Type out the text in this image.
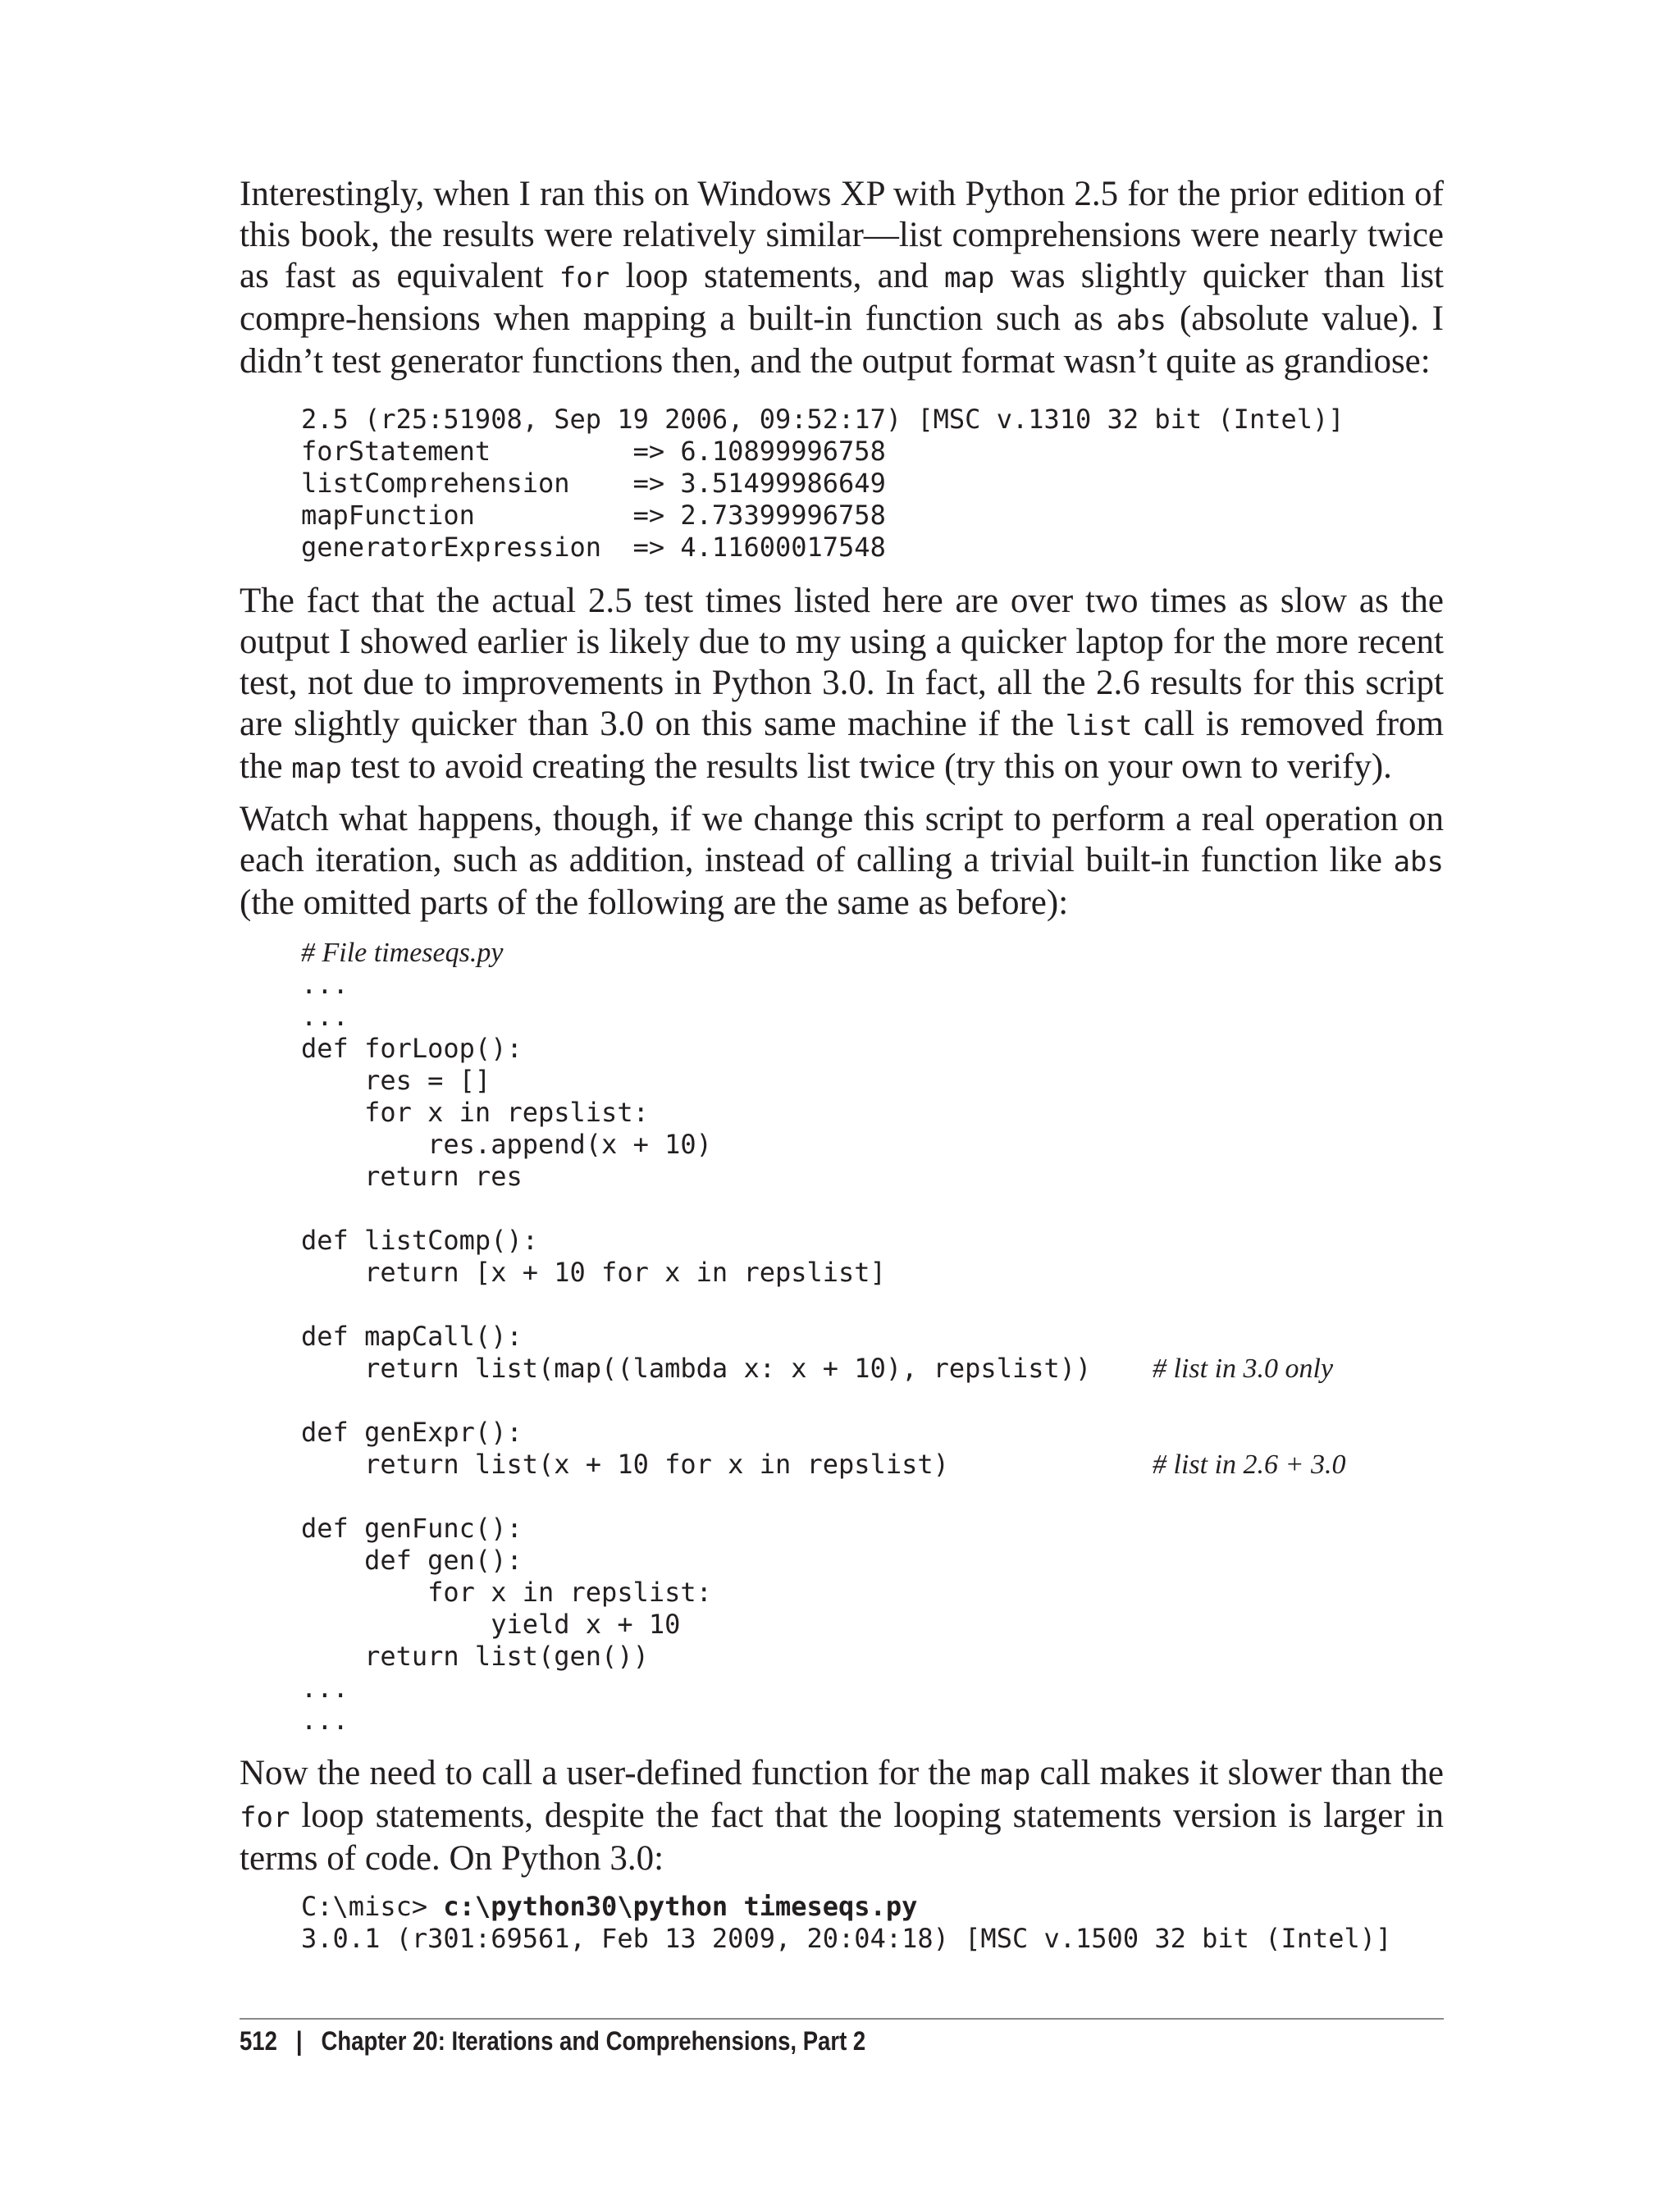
Interestingly, when I ran this on Windows XP with Python 2.5 for the prior edition of this book, the results were relatively similar—list comprehensions were nearly twice as fast as equivalent for loop statements, and map was slightly quicker than list compre-hensions when mapping a built-in function such as abs (absolute value). I didn’t test generator functions then, and the output format wasn’t quite as grandiose:

2.5 (r25:51908, Sep 19 2006, 09:52:17) [MSC v.1310 32 bit (Intel)]
forStatement         => 6.10899996758
listComprehension    => 3.51499986649
mapFunction          => 2.73399996758
generatorExpression  => 4.11600017548

The fact that the actual 2.5 test times listed here are over two times as slow as the output I showed earlier is likely due to my using a quicker laptop for the more recent test, not due to improvements in Python 3.0. In fact, all the 2.6 results for this script are slightly quicker than 3.0 on this same machine if the list call is removed from the map test to avoid creating the results list twice (try this on your own to verify).

Watch what happens, though, if we change this script to perform a real operation on each iteration, such as addition, instead of calling a trivial built-in function like abs (the omitted parts of the following are the same as before):

# File timeseqs.py
...
...
def forLoop():
res = []
for x in repslist:
res.append(x + 10)
return res

def listComp():
return [x + 10 for x in repslist]

def mapCall():
return list(map((lambda x: x + 10), repslist)) # list in 3.0 only

def genExpr():
return list(x + 10 for x in repslist)	# list in 2.6 + 3.0

def genFunc():
def gen():
for x in repslist:
yield x + 10
return list(gen())
...
...

Now the need to call a user-defined function for the map call makes it slower than the for loop statements, despite the fact that the looping statements version is larger in terms of code. On Python 3.0:

C:\misc> c:\python30\python timeseqs.py
3.0.1 (r301:69561, Feb 13 2009, 20:04:18) [MSC v.1500 32 bit (Intel)]
512 | Chapter 20: Iterations and Comprehensions, Part 2
